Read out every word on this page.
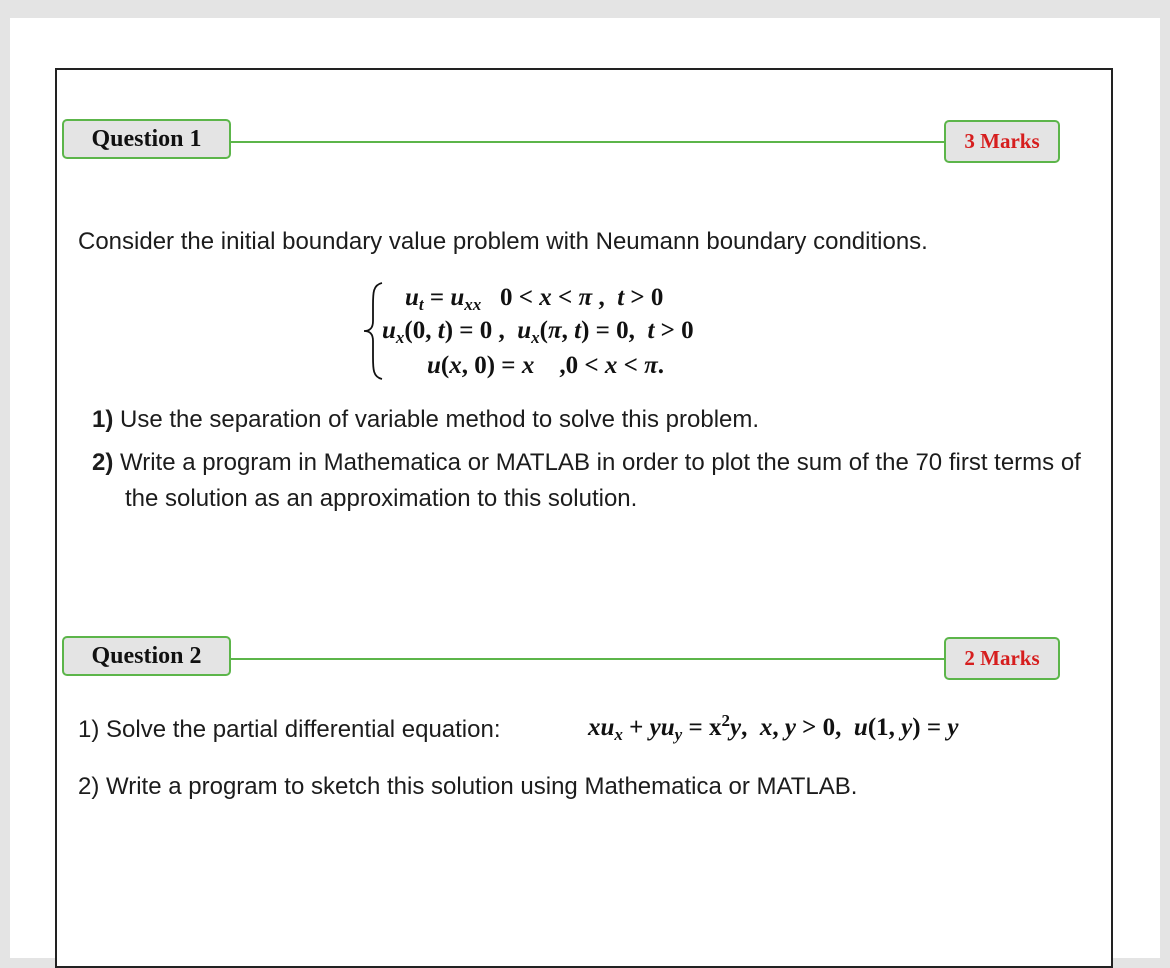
Question 1	3 Marks
Consider the initial boundary value problem with Neumann boundary conditions.
$u_t = u_{xx}$   0 < x < π ,  t > 0
$u_x(0$, t) = 0 ,  $u_x(\pi$, t) = 0,  t > 0
u(x, 0) = x    ,0 < x < π.
1) Use the separation of variable method to solve this problem.
2) Write a program in Mathematica or MATLAB in order to plot the sum of the 70 first terms of the solution as an approximation to this solution.
Question 2	2 Marks
1) Solve the partial differential equation:	$xu_x + yu_y = x^2y$,  x, y > 0,  u(1, y) = y
2) Write a program to sketch this solution using Mathematica or MATLAB.
